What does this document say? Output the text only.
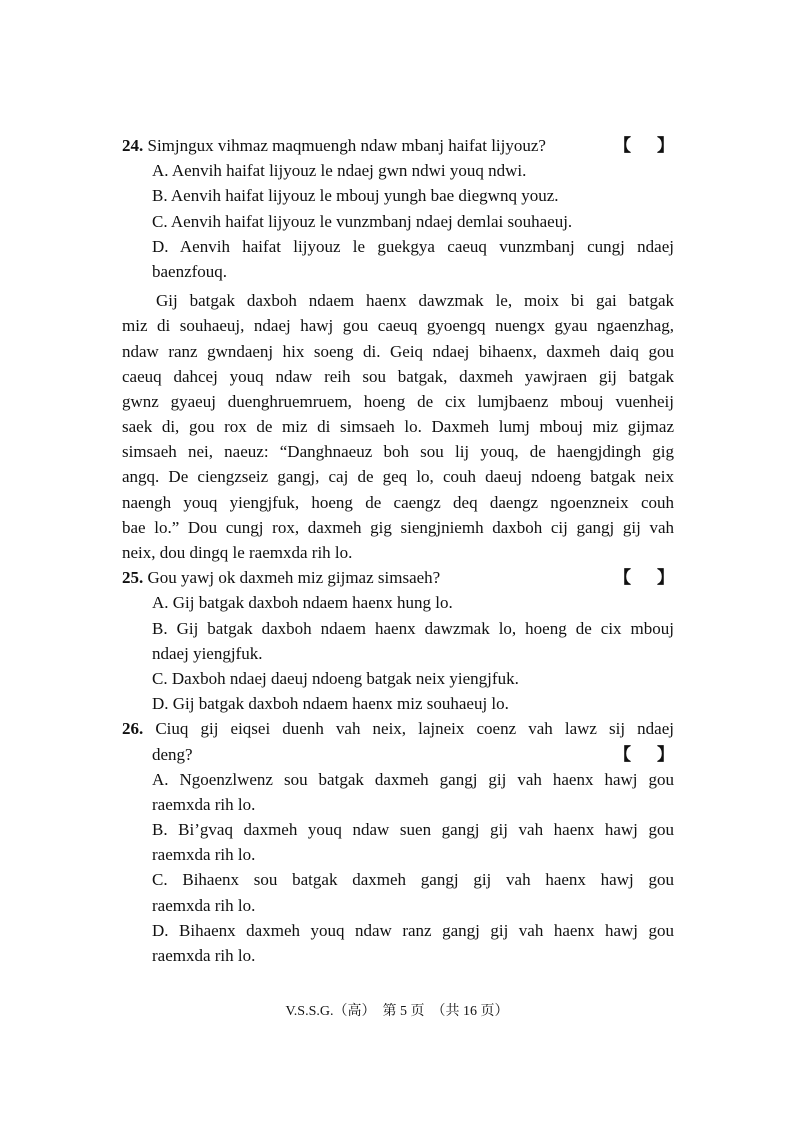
24. Simjngux vihmaz maqmuengh ndaw mbanj haifat lijyouz?	【 】
A. Aenvih haifat lijyouz le ndaej gwn ndwi youq ndwi.
B. Aenvih haifat lijyouz le mbouj yungh bae diegwnq youz.
C. Aenvih haifat lijyouz le vunzmbanj ndaej demlai souhaeuj.
D. Aenvih haifat lijyouz le guekgya caeuq vunzmbanj cungj ndaej
baenzfouq.
Gij batgak daxboh ndaem haenx dawzmak le, moix bi gai batgak
miz di souhaeuj, ndaej hawj gou caeuq gyoengq nuengx gyau ngaenzhag,
ndaw ranz gwndaenj hix soeng di. Geiq ndaej bihaenx, daxmeh daiq gou
caeuq dahcej youq ndaw reih sou batgak, daxmeh yawjraen gij batgak
gwnz gyaeuj duenghruemruem, hoeng de cix lumjbaenz mbouj vuenheij
saek di, gou rox de miz di simsaeh lo. Daxmeh lumj mbouj miz gijmaz
simsaeh nei, naeuz: “Danghnaeuz boh sou lij youq, de haengjdingh gig
angq. De ciengzseiz gangj, caj de geq lo, couh daeuj ndoeng batgak neix
naengh youq yiengjfuk, hoeng de caengz deq daengz ngoenzneix couh
bae lo.” Dou cungj rox, daxmeh gig siengjniemh daxboh cij gangj gij vah
neix, dou dingq le raemxda rih lo.
25. Gou yawj ok daxmeh miz gijmaz simsaeh?	【 】
A. Gij batgak daxboh ndaem haenx hung lo.
B. Gij batgak daxboh ndaem haenx dawzmak lo, hoeng de cix mbouj
ndaej yiengjfuk.
C. Daxboh ndaej daeuj ndoeng batgak neix yiengjfuk.
D. Gij batgak daxboh ndaem haenx miz souhaeuj lo.
26. Ciuq gij eiqsei duenh vah neix, lajneix coenz vah lawz sij ndaej
deng?	【 】
A. Ngoenzlwenz sou batgak daxmeh gangj gij vah haenx hawj gou
raemxda rih lo.
B. Bi’gvaq daxmeh youq ndaw suen gangj gij vah haenx hawj gou
raemxda rih lo.
C. Bihaenx sou batgak daxmeh gangj gij vah haenx hawj gou
raemxda rih lo.
D. Bihaenx daxmeh youq ndaw ranz gangj gij vah haenx hawj gou
raemxda rih lo.
V.S.S.G.（高）　第 5 页　（共 16 页）
